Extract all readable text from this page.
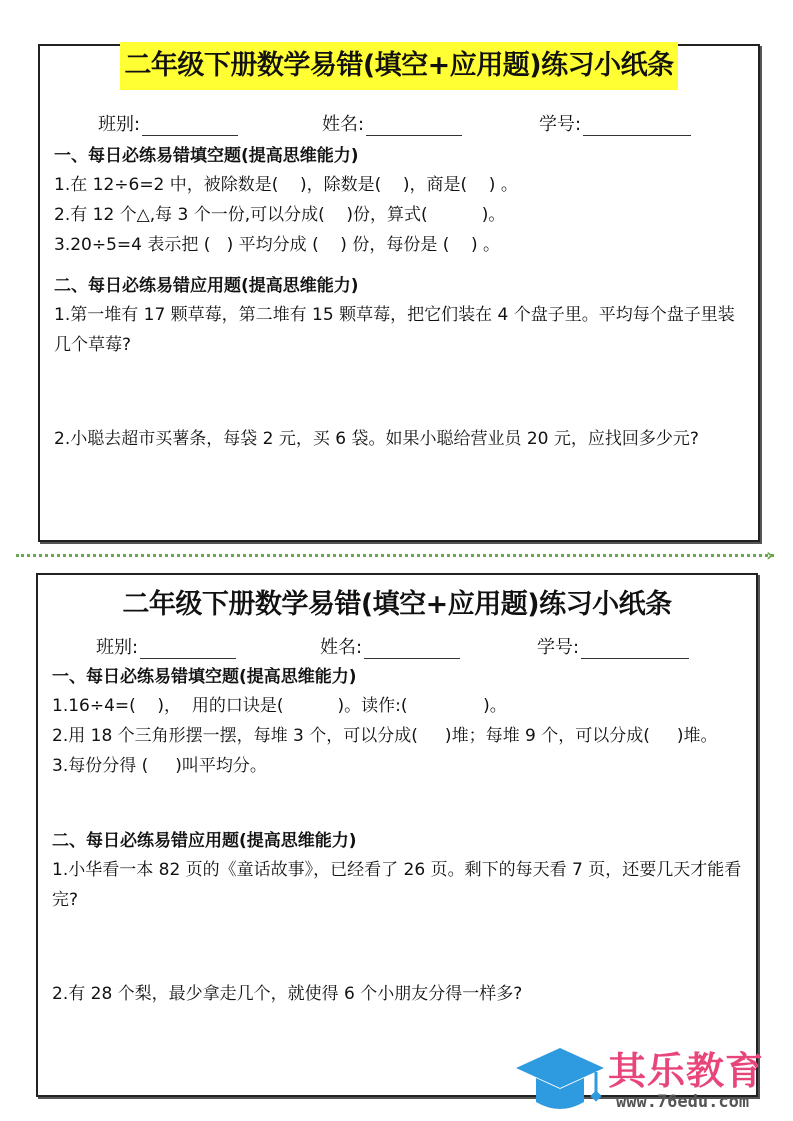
二年级下册数学易错(填空+应用题)练习小纸条
班别:	姓名:	学号:
一、每日必练易错填空题(提高思维能力)
1.在 12÷6=2 中，被除数是(    )，除数是(    )，商是(    ) 。
2.有 12 个△,每 3 个一份,可以分成(    )份，算式(          )。
3.20÷5=4 表示把 (   ) 平均分成 (    ) 份，每份是 (    ) 。
二、每日必练易错应用题(提高思维能力)
1.第一堆有 17 颗草莓，第二堆有 15 颗草莓，把它们装在 4 个盘子里。平均每个盘子里装几个草莓?
2.小聪去超市买薯条，每袋 2 元，买 6 袋。如果小聪给营业员 20 元，应找回多少元?
›
二年级下册数学易错(填空+应用题)练习小纸条
班别:	姓名:	学号:
一、每日必练易错填空题(提高思维能力)
1.16÷4=(    )，  用的口诀是(          )。读作:(              )。
2.用 18 个三角形摆一摆，每堆 3 个，可以分成(     )堆；每堆 9 个，可以分成(     )堆。
3.每份分得 (     )叫平均分。
二、每日必练易错应用题(提高思维能力)
1.小华看一本 82 页的《童话故事》，已经看了 26 页。剩下的每天看 7 页，还要几天才能看完?
2.有 28 个梨，最少拿走几个，就使得 6 个小朋友分得一样多?
其乐教育
www.76edu.com
